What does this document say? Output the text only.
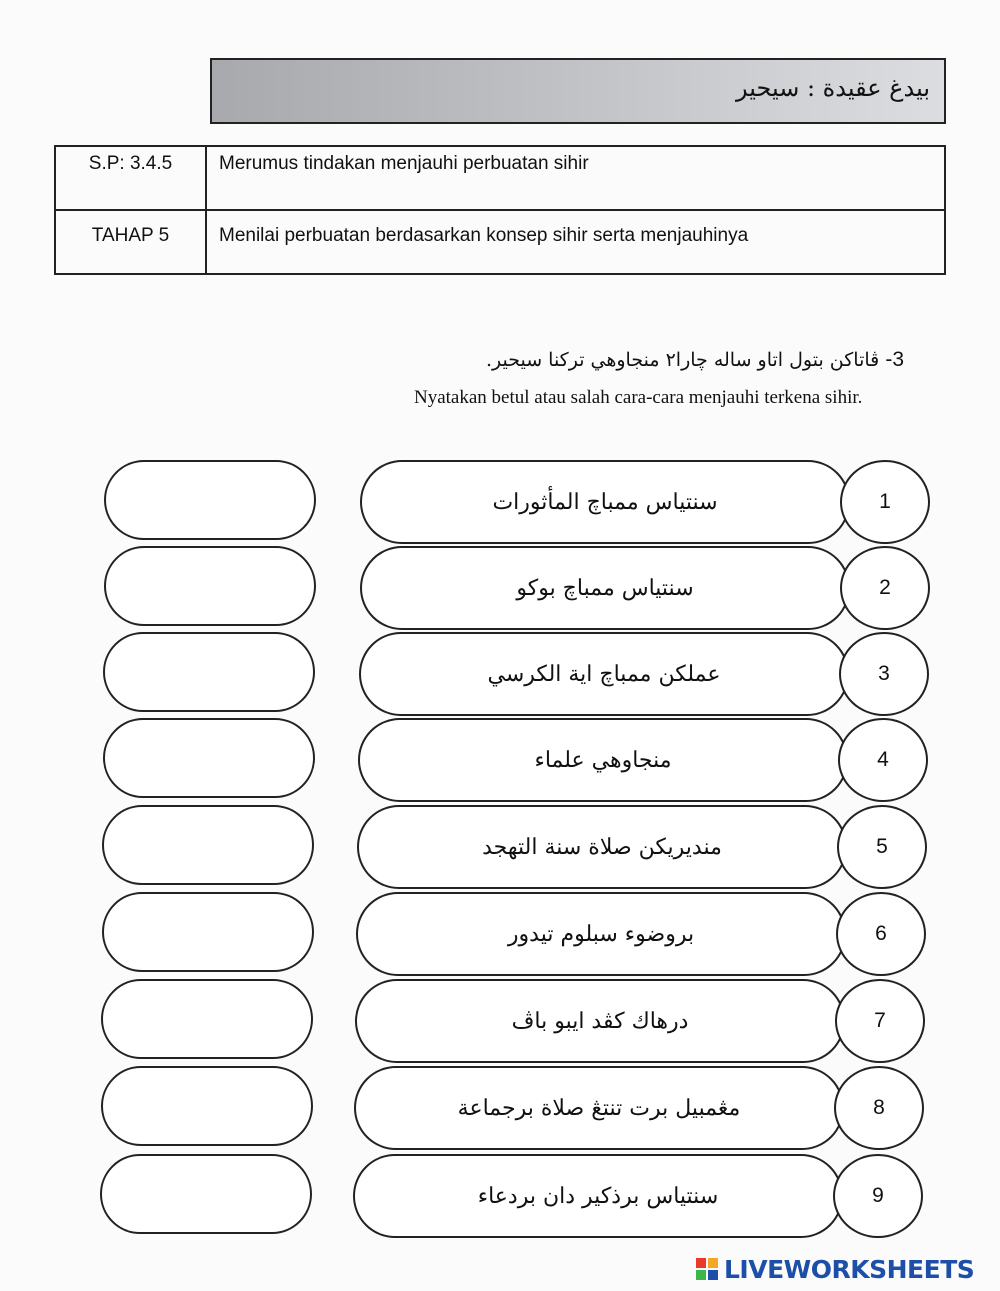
بيدغ عقيدة : سيحير
S.P: 3.4.5	Merumus tindakan menjauhi perbuatan sihir
TAHAP 5	Menilai perbuatan berdasarkan konsep sihir serta menjauhinya
3- ڤاتاكن بتول اتاو ساله چارا٢ منجاوهي تركنا سيحير.
Nyatakan betul atau salah cara-cara menjauhi terkena sihir.
سنتياس ممباچ المأثورات	1
سنتياس ممباچ بوكو	2
عملكن ممباچ اية الكرسي	3
منجاوهي علماء	4
منديريكن صلاة سنة التهجد	5
بروضوء سبلوم تيدور	6
درهاك كڤد ايبو باڤ	7
مڠمبيل برت تنتڠ صلاة برجماعة	8
سنتياس برذكير دان بردعاء	9
LIVEWORKSHEETS
